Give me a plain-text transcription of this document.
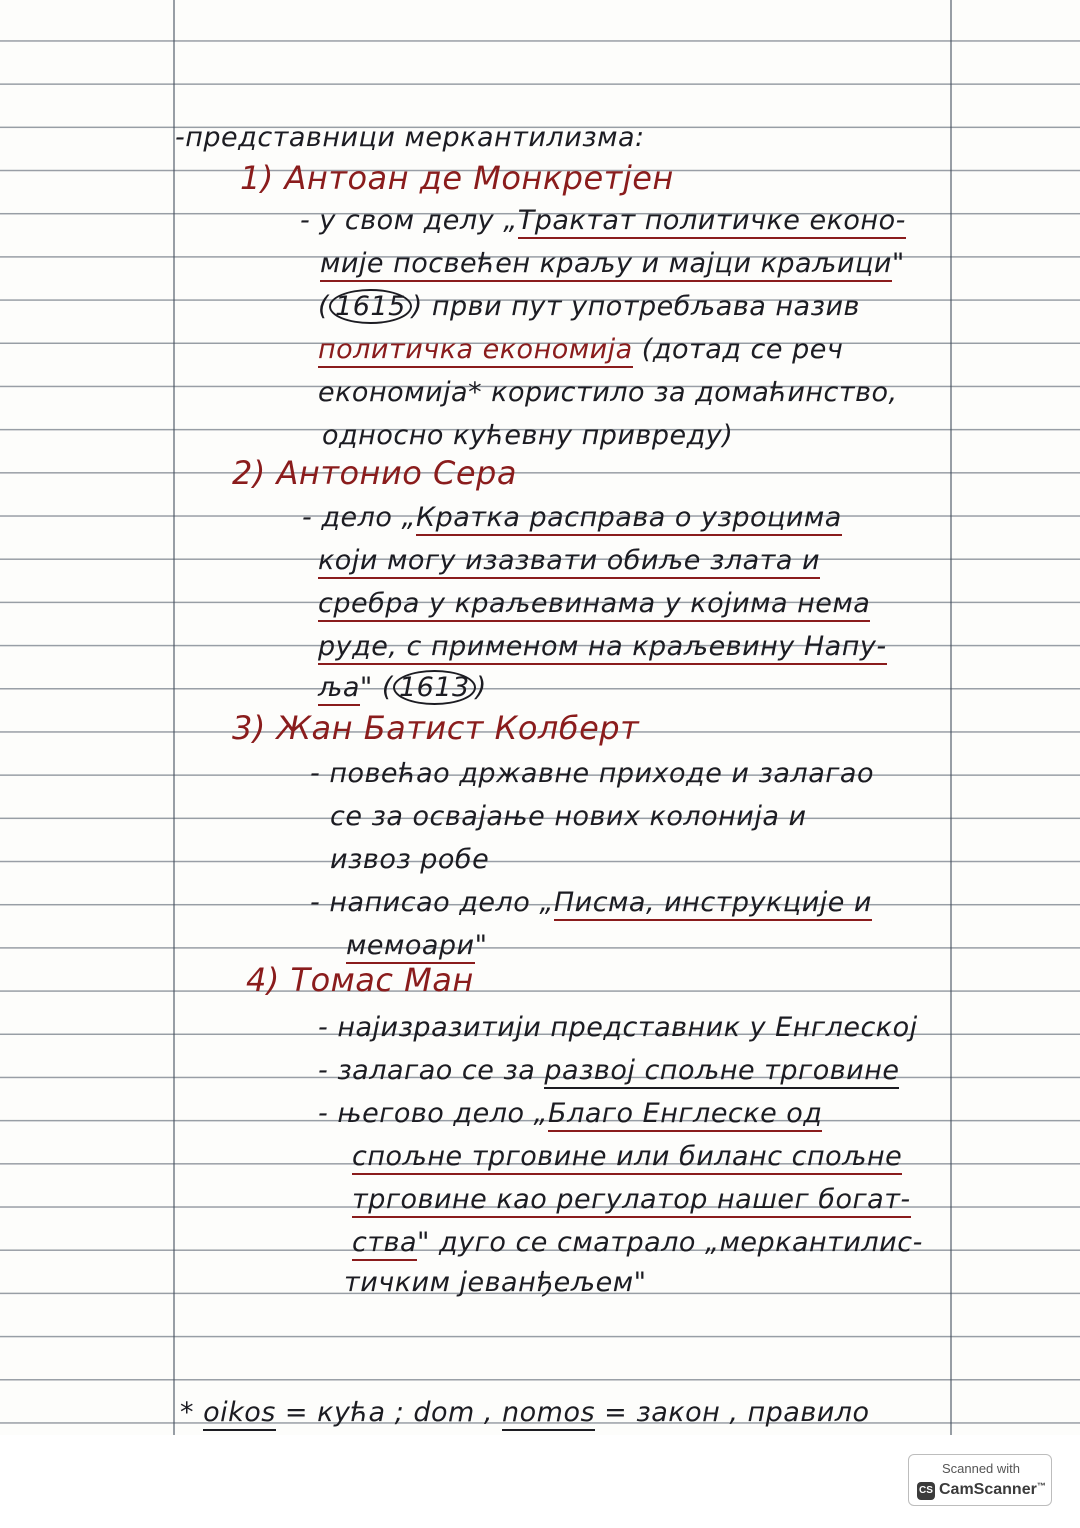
-представници меркантилизма:
1) Антоан де Монкретјен
- у свом делу „Трактат политичке еконо-
мије посвећен краљу и мајци краљици"
( 1615 ) први пут употребљава назив
политичка економија (дотад се реч
економија* користило за домаћинство,
односно кућевну привреду)
2) Антонио Серa
- дело „Кратка расправа о узроцима
који могу изазвати обиље злата и
сребра у краљевинама у којима нема
руде, с применом на краљевину Напу-
ља" ( 1613 )
3) Жан Батист Колберт
- повећао државне приходе и залагао
се за освајање нових колонија и
извоз робе
- написао дело „Писма, инструкције и
мемоари"
4) Томас Ман
- најизразитији представник у Енглеској
- залагао се за развој спољне трговине
- његово дело „Благо Енглеске од
спољне трговине или биланс спољне
трговине као регулатор нашег богат-
ства" дуго се сматрало „меркантилис-
тичким јеванђељем"
* oikos = кућа ; dom , nomos = закон , правило
Scanned with
CS CamScanner™
